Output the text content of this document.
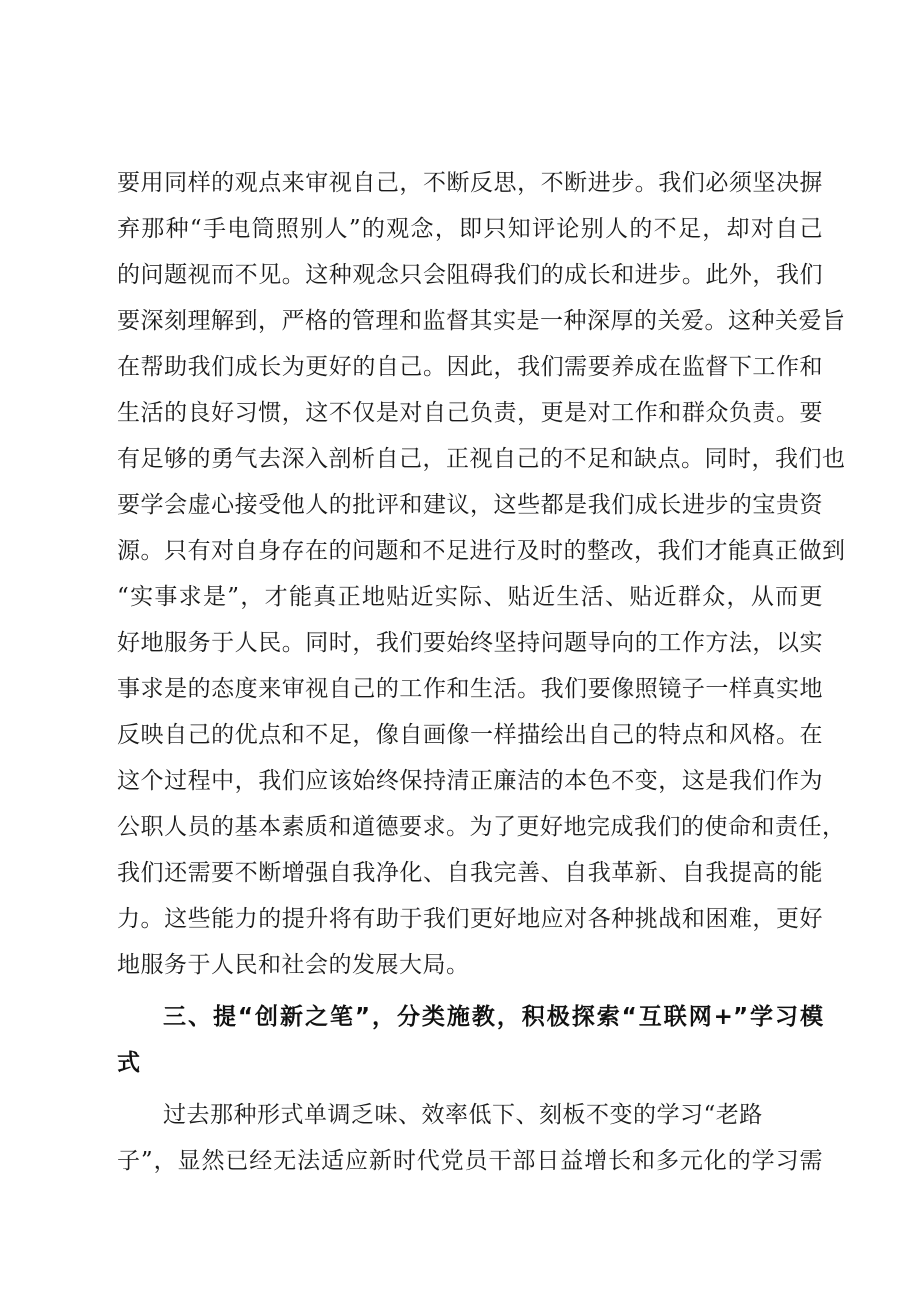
要用同样的观点来审视自己，不断反思，不断进步。我们必须坚决摒
弃那种“手电筒照别人”的观念，即只知评论别人的不足，却对自己
的问题视而不见。这种观念只会阻碍我们的成长和进步。此外，我们
要深刻理解到，严格的管理和监督其实是一种深厚的关爱。这种关爱旨
在帮助我们成长为更好的自己。因此，我们需要养成在监督下工作和
生活的良好习惯，这不仅是对自己负责，更是对工作和群众负责。要
有足够的勇气去深入剖析自己，正视自己的不足和缺点。同时，我们也
要学会虚心接受他人的批评和建议，这些都是我们成长进步的宝贵资
源。只有对自身存在的问题和不足进行及时的整改，我们才能真正做到
“实事求是”，才能真正地贴近实际、贴近生活、贴近群众，从而更
好地服务于人民。同时，我们要始终坚持问题导向的工作方法，以实
事求是的态度来审视自己的工作和生活。我们要像照镜子一样真实地
反映自己的优点和不足，像自画像一样描绘出自己的特点和风格。在
这个过程中，我们应该始终保持清正廉洁的本色不变，这是我们作为
公职人员的基本素质和道德要求。为了更好地完成我们的使命和责任，
我们还需要不断增强自我净化、自我完善、自我革新、自我提高的能
力。这些能力的提升将有助于我们更好地应对各种挑战和困难，更好
地服务于人民和社会的发展大局。
三、提“创新之笔”，分类施教，积极探索“互联网+”学习模
式
过去那种形式单调乏味、效率低下、刻板不变的学习“老路
子”，显然已经无法适应新时代党员干部日益增长和多元化的学习需
